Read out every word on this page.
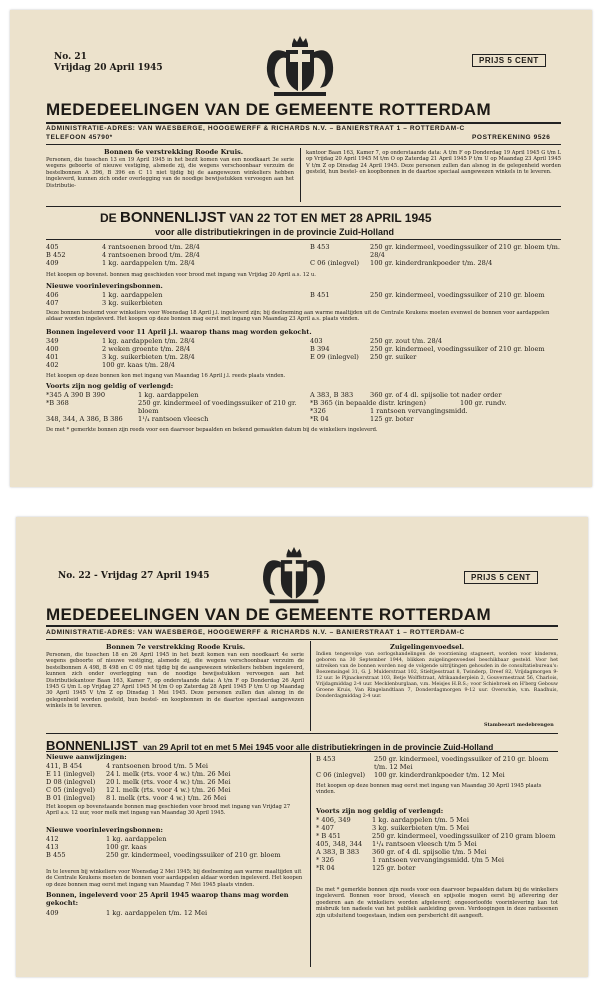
No. 21
Vrijdag 20 April 1945
PRIJS 5 CENT
MEDEDEELINGEN VAN DE GEMEENTE ROTTERDAM
ADMINISTRATIE-ADRES: VAN WAESBERGE, HOOGEWERFF & RICHARDS N.V. – BANIERSTRAAT 1 – ROTTERDAM-C
TELEFOON 45790*	POSTREKENING 9526
Bonnen 6e verstrekking Roode Kruis.
Personen, die tusschen 13 en 19 April 1945 in het bezit komen van een noodkaart 3e serie wegens geboorte of nieuwe vestiging, alsmede zij, die wegens verschoonbaar verzuim de bestelbonnen A 396, B 396 en C 11 niet tijdig bij de aangewezen winkeliers hebben ingeleverd, kunnen zich onder overlegging van de noodige bewijsstukken vervoegen aan het Distributie-
kantoor Baan 163, Kamer 7, op onderstaande data: A t/m F op Donderdag 19 April 1945 G t/m L op Vrijdag 20 April 1945 M t/m O op Zaterdag 21 April 1945 P t/m U op Maandag 23 April 1945 V t/m Z op Dinsdag 24 April 1945. Deze personen zullen dan alsnog in de gelegenheid worden gesteld, hun bestel- en koopbonnen in de daartoe speciaal aangewezen winkels in te leveren.
DE BONNENLIJST VAN 22 TOT EN MET 28 APRIL 1945
voor alle distributiekringen in de provincie Zuid-Holland
405	4 rantsoenen brood t/m. 28/4
B 452	4 rantsoenen brood t/m. 28/4
409	1 kg. aardappelen t/m. 28/4
B 453	250 gr. kindermeel, voedingssuiker of 210 gr. bloem t/m. 28/4
C 06 (inlegvel)	100 gr. kinderdrankpoeder t/m. 28/4
Het koopen op bovenst. bonnen mag geschieden voor brood met ingang van Vrijdag 20 April a.s. 12 u.
Nieuwe voorinleveringsbonnen.
406	1 kg. aardappelen
407	3 kg. suikerbieten
B 451	250 gr. kindermeel, voedingssuiker of 210 gr. bloem
Deze bonnen bestemd voor winkeliers voor Woensdag 18 April j.l. ingeleverd zijn; bij deelneming aan warme maaltijden uit de Centrale Keukens moeten evenwel de bonnen voor aardappelen aldaar worden ingeleverd. Het koopen op deze bonnen mag eerst met ingang van Maandag 23 April a.s. plaats vinden.
Bonnen ingeleverd voor 11 April j.l. waarop thans mag worden gekocht.
349	1 kg. aardappelen t/m. 28/4
400	2 weken groente t/m. 28/4
401	3 kg. suikerbieten t/m. 28/4
402	100 gr. kaas t/m. 28/4
403	250 gr. zout t/m. 28/4
B 394	250 gr. kindermeel, voedingssuiker of 210 gr. bloem
E 09 (inlegvel)	250 gr. suiker
Het koopen op deze bonnen kon met ingang van Maandag 16 April j.l. reeds plaats vinden.
Voorts zijn nog geldig of verlengd:
*345 A 390 B 390	1 kg. aardappelen
*B 368	250 gr. kindermeel of voedingssuiker of 210 gr. bloem
348, 344, A 386, B 386	1¹/₄ rantsoen vleesch
A 383, B 383	360 gr. of 4 dl. spijsolie tot nader order
*B 365 (in bepaalde distr. kringen)	100 gr. rundv.
*326	1 rantsoen vervangingsmidd.
*R 04	125 gr. boter
De met * gemerkte bonnen zijn reeds voor een daarvoor bepaalden en bekend gemaakten datum bij de winkeliers ingeleverd.
No. 22 - Vrijdag 27 April 1945	PRIJS 5 CENT
MEDEDEELINGEN VAN DE GEMEENTE ROTTERDAM
ADMINISTRATIE-ADRES: VAN WAESBERGE, HOOGEWERFF & RICHARDS N.V. – BANIERSTRAAT 1 – ROTTERDAM-C
Bonnen 7e verstrekking Roode Kruis.
Personen, die tusschen 18 en 26 April 1945 in het bezit komen van een noodkaart 4e serie wegens geboorte of nieuwe vestiging, alsmede zij, die wegens verschoonbaar verzuim de bestelbonnen A 498, B 498 en C 09 niet tijdig bij de aangewezen winkeliers hebben ingeleverd, kunnen zich onder overlegging van de noodige bewijsstukken vervoegen aan het Distributiekantoor Baan 163, Kamer 7, op onderstaande data: A t/m F op Donderdag 26 April 1945 G t/m L op Vrijdag 27 April 1945 M t/m O op Zaterdag 28 April 1945 P t/m U op Maandag 30 April 1945 V t/m Z op Dinsdag 1 Mei 1945. Deze personen zullen dan alsnog in de gelegenheid worden gesteld, hun bestel- en koopbonnen in de daartoe speciaal aangewezen winkels in te leveren.
Zuigelingenvoedsel.
Indien tengevolge van oorlogshandelingen de voorziening stagneert, worden voor kinderen, geboren na 30 September 1944, blikken zuigelingenvoedsel beschikbaar gesteld. Voor het uitreiken van de bonnen worden nog de volgende uitrijtingen gehouden in de consultatiebureau's: Boezemsingel 31, G. J. Mulderstraat 102, Stieltjesstraat 8, Twinderp, Dreef 82, Vrijdagmorgen 9-12 uur. Ie Pijnackerstraat 103, Betje Wolffstraat, Afrikaanderplein 2, Gouvernestraat 56, Charlois, Vrijdagmiddag 2-4 uur. Mecklenburglaan, v.m. Meisjes H.B.S.; voor Schiebroek en H'berg Gebouw Groene Kruis, Van Ringelandtlaan 7, Donderdagmorgen 9-12 uur. Overschie, v.m. Raadhuis, Donderdagmiddag 2-4 uur.
Stambeeart medebrengen
BONNENLIJST van 29 April tot en met 5 Mei 1945 voor alle distributiekringen in de provincie Zuid-Holland
Nieuwe aanwijzingen:
411, B 454	4 rantsoenen brood t/m. 5 Mei
E 11 (inlegvel) 24 l. melk (rts. voor 4 w.) t/m. 26 Mei
D 08 (inlegvel) 20 l. melk (rts. voor 4 w.) t/m. 26 Mei
C 05 (inlegvel) 12 l. melk (rts. voor 4 w.) t/m. 26 Mei
B 01 (inlegvel) 8 l. melk (rts. voor 4 w.) t/m. 26 Mei
Het koopen op bovenstaande bonnen mag geschieden voor brood met ingang van Vrijdag 27 April a.s. 12 uur, voor melk met ingang van Maandag 30 April 1945.
Nieuwe voorinleveringsbonnen:
412	1 kg. aardappelen
413	100 gr. kaas
B 455	250 gr. kindermeel, voedingssuiker of 210 gr. bloem
In te leveren bij winkeliers voor Woensdag 2 Mei 1945; bij deelneming aan warme maaltijden uit de Centrale Keukens moeten de bonnen voor aardappelen aldaar worden ingeleverd. Het koopen op deze bonnen mag eerst met ingang van Maandag 7 Mei 1945 plaats vinden.
Bonnen, ingeleverd voor 25 April 1945 waarop thans mag worden gekocht:
409	1 kg. aardappelen t/m. 12 Mei
B 453	250 gr. kindermeel, voedingssuiker of 210 gr. bloem t/m. 12 Mei
C 06 (inlegvel)	100 gr. kinderdrankpoeder t/m. 12 Mei
Het koopen op deze bonnen mag eerst met ingang van Maandag 30 April 1945 plaats vinden.
Voorts zijn nog geldig of verlengd:
* 406, 349	1 kg. aardappelen t/m. 5 Mei
* 407	3 kg. suikerbieten t/m. 5 Mei
* B 451	250 gr. kindermeel, voedingssuiker of 210 gram bloem
405, 348, 344	1¹/₄ rantsoen vleesch t/m 5 Mei
A 383, B 383	360 gr. of 4 dl. spijsolie t/m. 5 Mei
* 326	1 rantsoen vervangingsmidd. t/m 5 Mei
*R 04	125 gr. boter
De met * gemerkte bonnen zijn reeds voor een daarvoor bepaalden datum bij de winkeliers ingeleverd. Bonnen voor brood, vleesch en spijsolie mogen eerst bij aflevering der goederen aan de winkeliers worden afgeleverd; ongeoorloofde voorinlevering kan tot misbruik ten nadeele van het publiek aanleiding geven. Verdoogingen in deze rantsoenen zijn uitsluitend toegestaan, indien een persbericht dit aangeeft.
